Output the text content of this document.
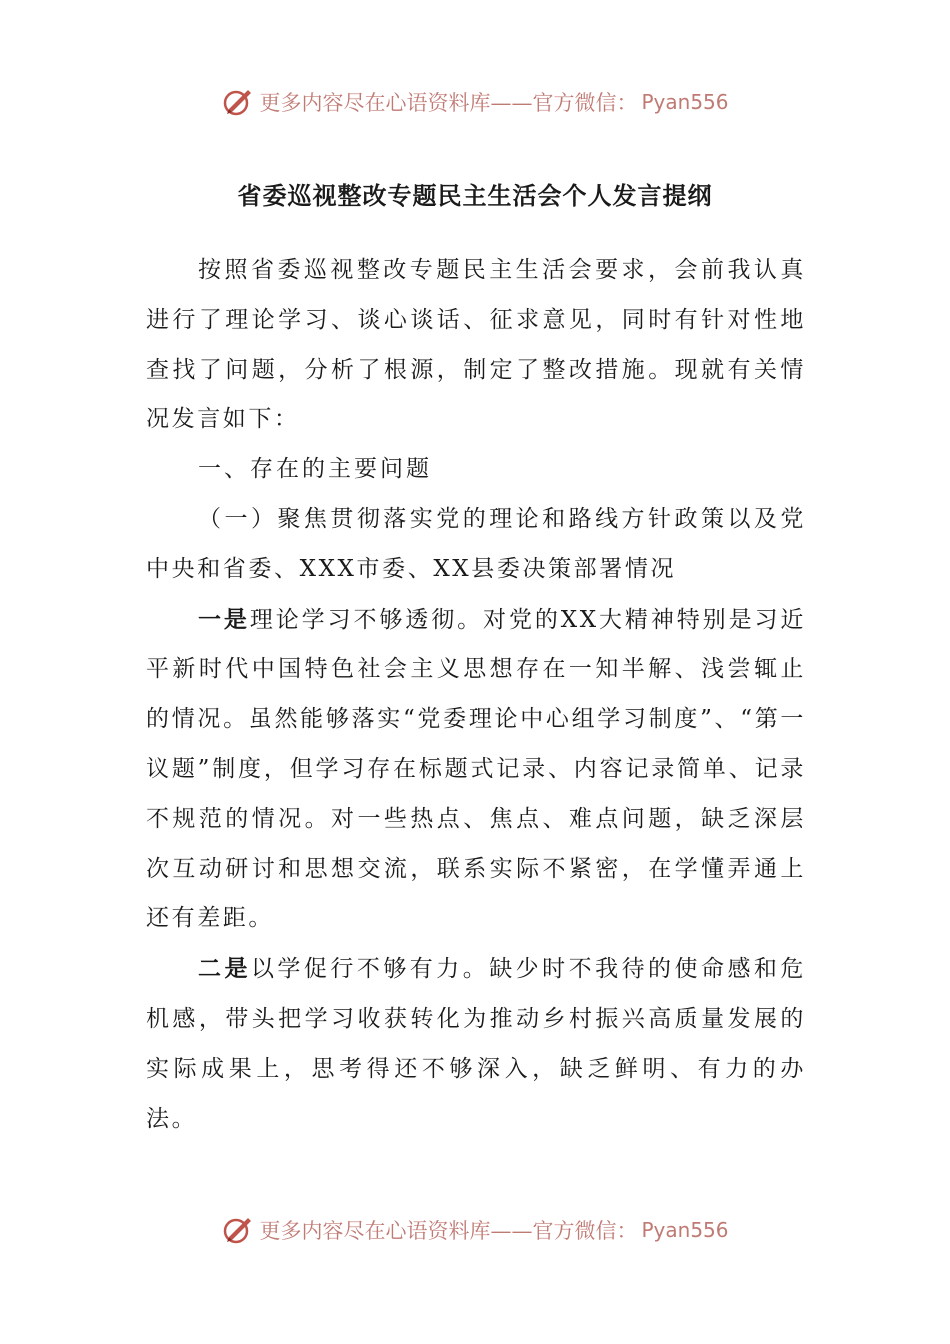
更多内容尽在心语资料库——官方微信： Pyan556
省委巡视整改专题民主生活会个人发言提纲

按照省委巡视整改专题民主生活会要求，会前我认真进行了理论学习、谈心谈话、征求意见，同时有针对性地查找了问题，分析了根源，制定了整改措施。现就有关情况发言如下：

一、存在的主要问题

（一）聚焦贯彻落实党的理论和路线方针政策以及党中央和省委、XXX市委、XX县委决策部署情况

一是理论学习不够透彻。对党的XX大精神特别是习近平新时代中国特色社会主义思想存在一知半解、浅尝辄止的情况。虽然能够落实“党委理论中心组学习制度”、“第一议题”制度，但学习存在标题式记录、内容记录简单、记录不规范的情况。对一些热点、焦点、难点问题，缺乏深层次互动研讨和思想交流，联系实际不紧密，在学懂弄通上还有差距。

二是以学促行不够有力。缺少时不我待的使命感和危机感，带头把学习收获转化为推动乡村振兴高质量发展的实际成果上，思考得还不够深入，缺乏鲜明、有力的办法。

更多内容尽在心语资料库——官方微信： Pyan556
